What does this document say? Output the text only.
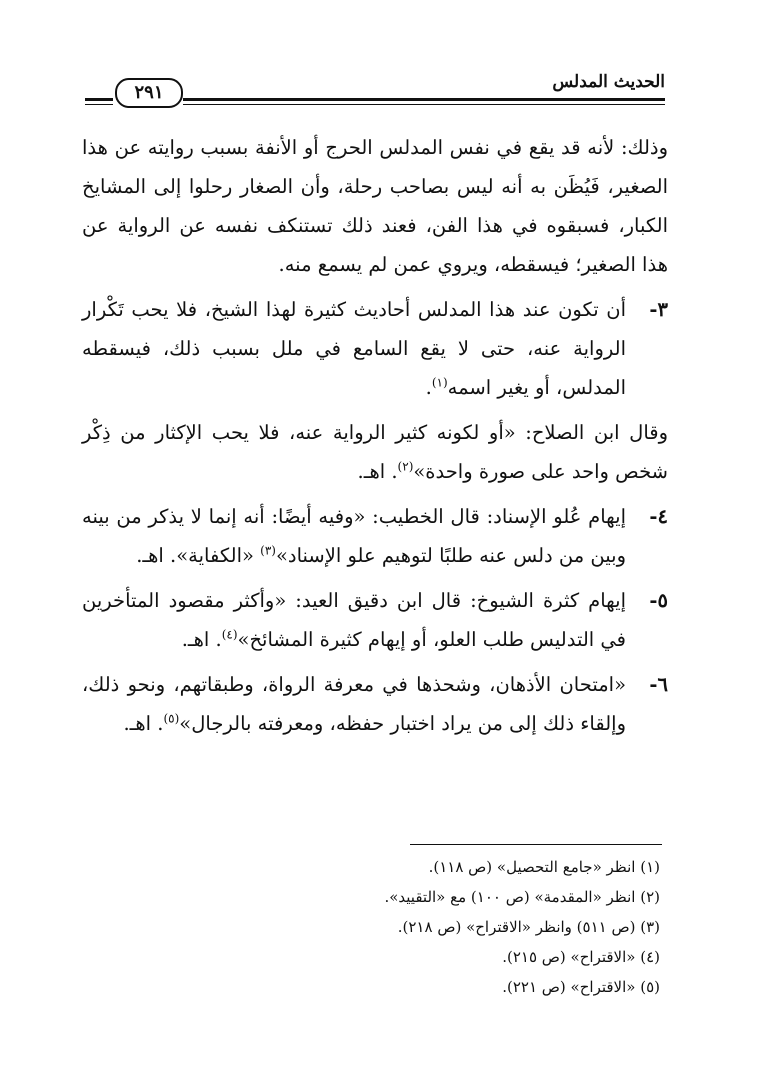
٢٩١	الحديث المدلس

وذلك: لأنه قد يقع في نفس المدلس الحرج أو الأنفة بسبب روايته عن هذا الصغير، فَيُظَن به أنه ليس بصاحب رحلة، وأن الصغار رحلوا إلى المشايخ الكبار، فسبقوه في هذا الفن، فعند ذلك تستنكف نفسه عن الرواية عن هذا الصغير؛ فيسقطه، ويروي عمن لم يسمع منه.

٣-
أن تكون عند هذا المدلس أحاديث كثيرة لهذا الشيخ، فلا يحب تَكْرار الرواية عنه، حتى لا يقع السامع في ملل بسبب ذلك، فيسقطه المدلس، أو يغير اسمه$^{(١)}$.

وقال ابن الصلاح: «أو لكونه كثير الرواية عنه، فلا يحب الإكثار من ذِكْر شخص واحد على صورة واحدة»$^{(٢)}$. اهـ.

٤-
إيهام عُلو الإسناد: قال الخطيب: «وفيه أيضًا: أنه إنما لا يذكر من بينه وبين من دلس عنه طلبًا لتوهيم علو الإسناد»$^{(٣)}$ «الكفاية». اهـ.
٥-
إيهام كثرة الشيوخ: قال ابن دقيق العيد: «وأكثر مقصود المتأخرين في التدليس طلب العلو، أو إيهام كثيرة المشائخ»$^{(٤)}$. اهـ.
٦-
«امتحان الأذهان، وشحذها في معرفة الرواة، وطبقاتهم، ونحو ذلك، وإلقاء ذلك إلى من يراد اختبار حفظه، ومعرفته بالرجال»$^{(٥)}$. اهـ.
(١) انظر «جامع التحصيل» (ص ١١٨).
(٢) انظر «المقدمة» (ص ١٠٠) مع «التقييد».
(٣) (ص ٥١١) وانظر «الاقتراح» (ص ٢١٨).
(٤) «الاقتراح» (ص ٢١٥).
(٥) «الاقتراح» (ص ٢٢١).
